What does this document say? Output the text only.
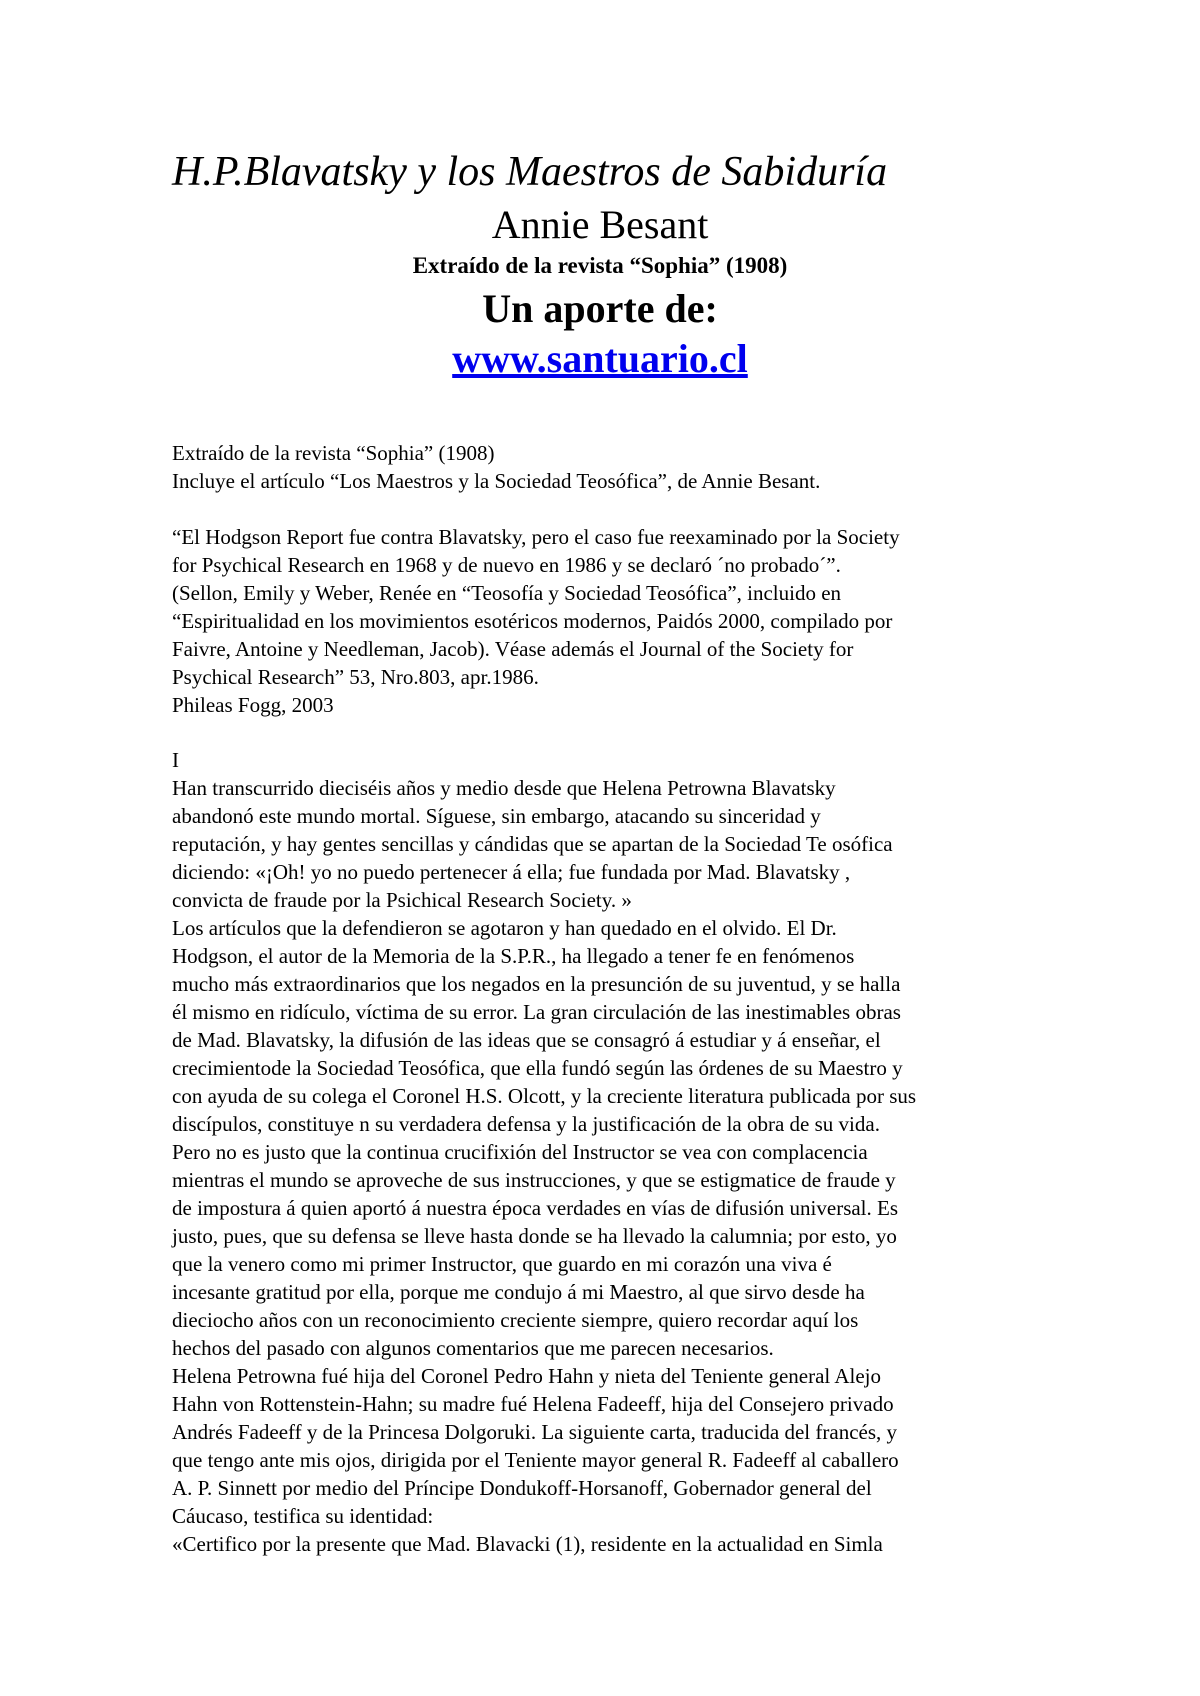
H.P.Blavatsky y los Maestros de Sabiduría
Annie Besant
Extraído de la revista “Sophia” (1908)
Un aporte de:
www.santuario.cl

Extraído de la revista “Sophia” (1908)

Incluye el artículo “Los Maestros y la Sociedad Teosófica”, de Annie Besant.

“El Hodgson Report fue contra Blavatsky, pero el caso fue reexaminado por la Society

for Psychical Research en 1968 y de nuevo en 1986 y se declaró ´no probado´”.

(Sellon, Emily y Weber, Renée en “Teosofía y Sociedad Teosófica”, incluido en

“Espiritualidad en los movimientos esotéricos modernos, Paidós 2000, compilado por

Faivre, Antoine y Needleman, Jacob). Véase además el Journal of the Society for

Psychical Research” 53, Nro.803, apr.1986.

Phileas Fogg, 2003

I

Han transcurrido dieciséis años y medio desde que Helena Petrowna Blavatsky

abandonó este mundo mortal. Síguese, sin embargo, atacando su sinceridad y

reputación, y hay gentes sencillas y cándidas que se apartan de la Sociedad Te osófica

diciendo: «¡Oh! yo no puedo pertenecer á ella; fue fundada por Mad. Blavatsky ,

convicta de fraude por la Psichical Research Society. »

Los artículos que la defendieron se agotaron y han quedado en el olvido. El Dr.

Hodgson, el autor de la Memoria de la S.P.R., ha llegado a tener fe en fenómenos

mucho más extraordinarios que los negados en la presunción de su juventud, y se halla

él mismo en ridículo, víctima de su error. La gran circulación de las inestimables obras

de Mad. Blavatsky, la difusión de las ideas que se consagró á estudiar y á enseñar, el

crecimientode la Sociedad Teosófica, que ella fundó según las órdenes de su Maestro y

con ayuda de su colega el Coronel H.S. Olcott, y la creciente literatura publicada por sus

discípulos, constituye n su verdadera defensa y la justificación de la obra de su vida.

Pero no es justo que la continua crucifixión del Instructor se vea con complacencia

mientras el mundo se aproveche de sus instrucciones, y que se estigmatice de fraude y

de impostura á quien aportó á nuestra época verdades en vías de difusión universal. Es

justo, pues, que su defensa se lleve hasta donde se ha llevado la calumnia; por esto, yo

que la venero como mi primer Instructor, que guardo en mi corazón una viva é

incesante gratitud por ella, porque me condujo á mi Maestro, al que sirvo desde ha

dieciocho años con un reconocimiento creciente siempre, quiero recordar aquí los

hechos del pasado con algunos comentarios que me parecen necesarios.

Helena Petrowna fué hija del Coronel Pedro Hahn y nieta del Teniente general Alejo

Hahn von Rottenstein-Hahn; su madre fué Helena Fadeeff, hija del Consejero privado

Andrés Fadeeff y de la Princesa Dolgoruki. La siguiente carta, traducida del francés, y

que tengo ante mis ojos, dirigida por el Teniente mayor general R. Fadeeff al caballero

A. P. Sinnett por medio del Príncipe Dondukoff-Horsanoff, Gobernador general del

Cáucaso, testifica su identidad:

«Certifico por la presente que Mad. Blavacki (1), residente en la actualidad en Simla
